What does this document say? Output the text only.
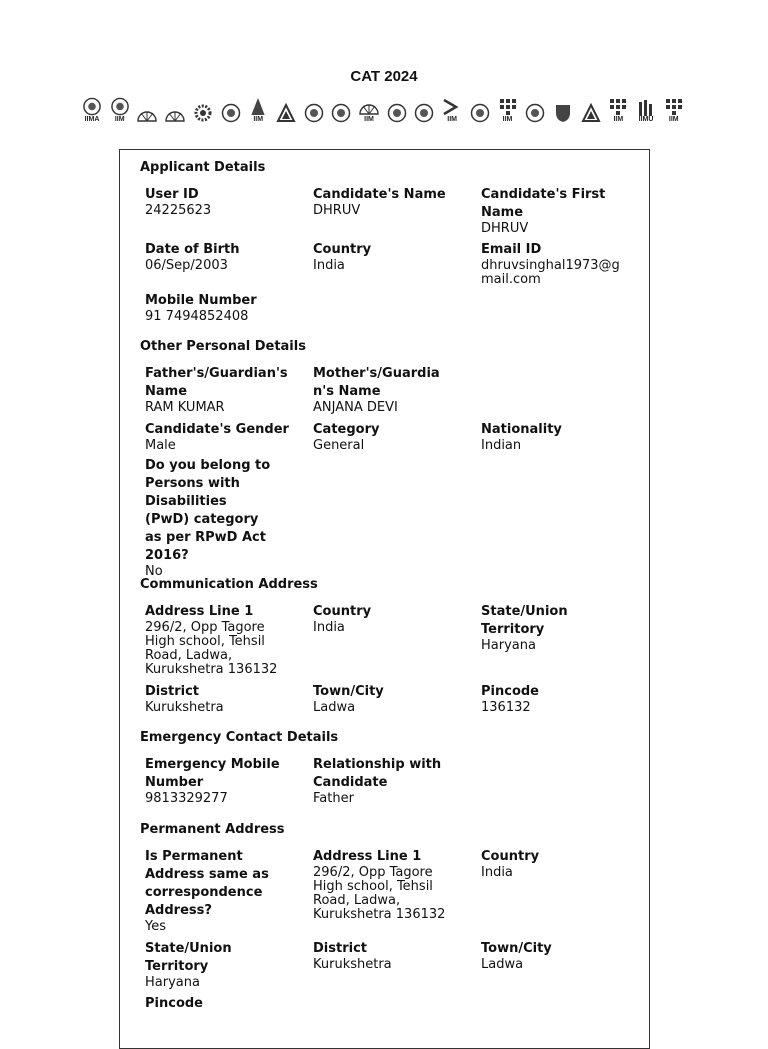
CAT 2024
IIMA IIM	IIM	IIM	IIM	IIM	IIM IIMU IIM
Applicant Details
User ID
24225623
Candidate's Name
DHRUV
Candidate's First Name
DHRUV
Date of Birth
06/Sep/2003
Country
India
Email ID
dhruvsinghal1973@gmail.com
Mobile Number
91 7494852408
Other Personal Details
Father's/Guardian's Name
RAM KUMAR
Mother's/Guardian's Name
ANJANA DEVI
Candidate's Gender
Male
Category
General
Nationality
Indian
Do you belong to Persons with Disabilities (PwD) category as per RPwD Act 2016?
No
Communication Address
Address Line 1
296/2, Opp Tagore High school, Tehsil Road, Ladwa, Kurukshetra 136132
Country
India
State/Union Territory
Haryana
District
Kurukshetra
Town/City
Ladwa
Pincode
136132
Emergency Contact Details
Emergency Mobile Number
9813329277
Relationship with Candidate
Father
Permanent Address
Is Permanent Address same as correspondence Address?
Yes
Address Line 1
296/2, Opp Tagore High school, Tehsil Road, Ladwa, Kurukshetra 136132
Country
India
State/Union Territory
Haryana
District
Kurukshetra
Town/City
Ladwa
Pincode
